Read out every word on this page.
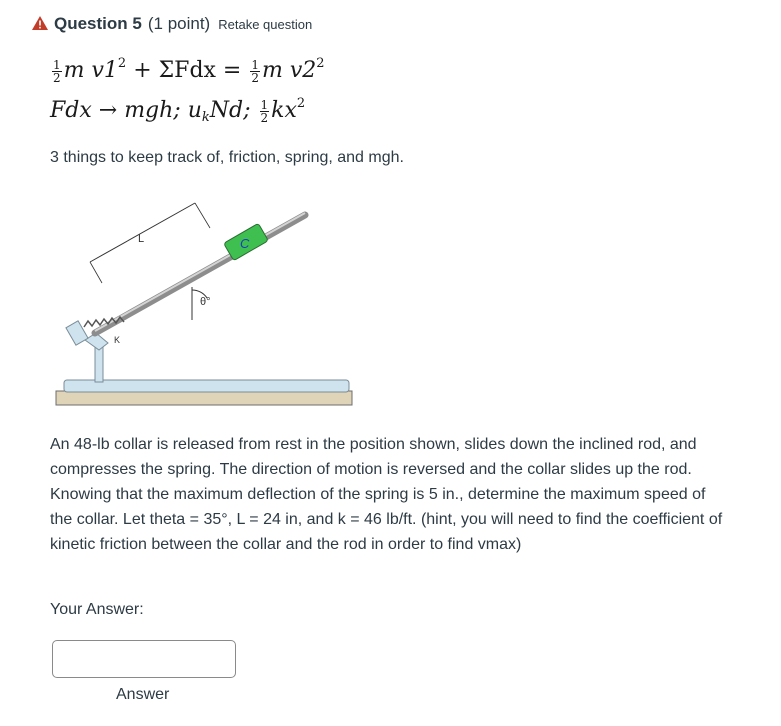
Question 5 (1 point) Retake question
$\frac{1}{2}$ m $v1^2 + \Sigma Fdx = \frac{1}{2}$ m $v2^2$
Fdx → mgh; $u_kNd$; $\frac{1}{2} kx^2$
3 things to keep track of, friction, spring, and mgh.
K
C
L
θ°
An 48-lb collar is released from rest in the position shown, slides down the inclined rod, and compresses the spring. The direction of motion is reversed and the collar slides up the rod. Knowing that the maximum deflection of the spring is 5 in., determine the maximum speed of the collar. Let theta = 35°, L = 24 in, and k = 46 lb/ft. (hint, you will need to find the coefficient of kinetic friction between the collar and the rod in order to find vmax)
Your Answer:
Answer
